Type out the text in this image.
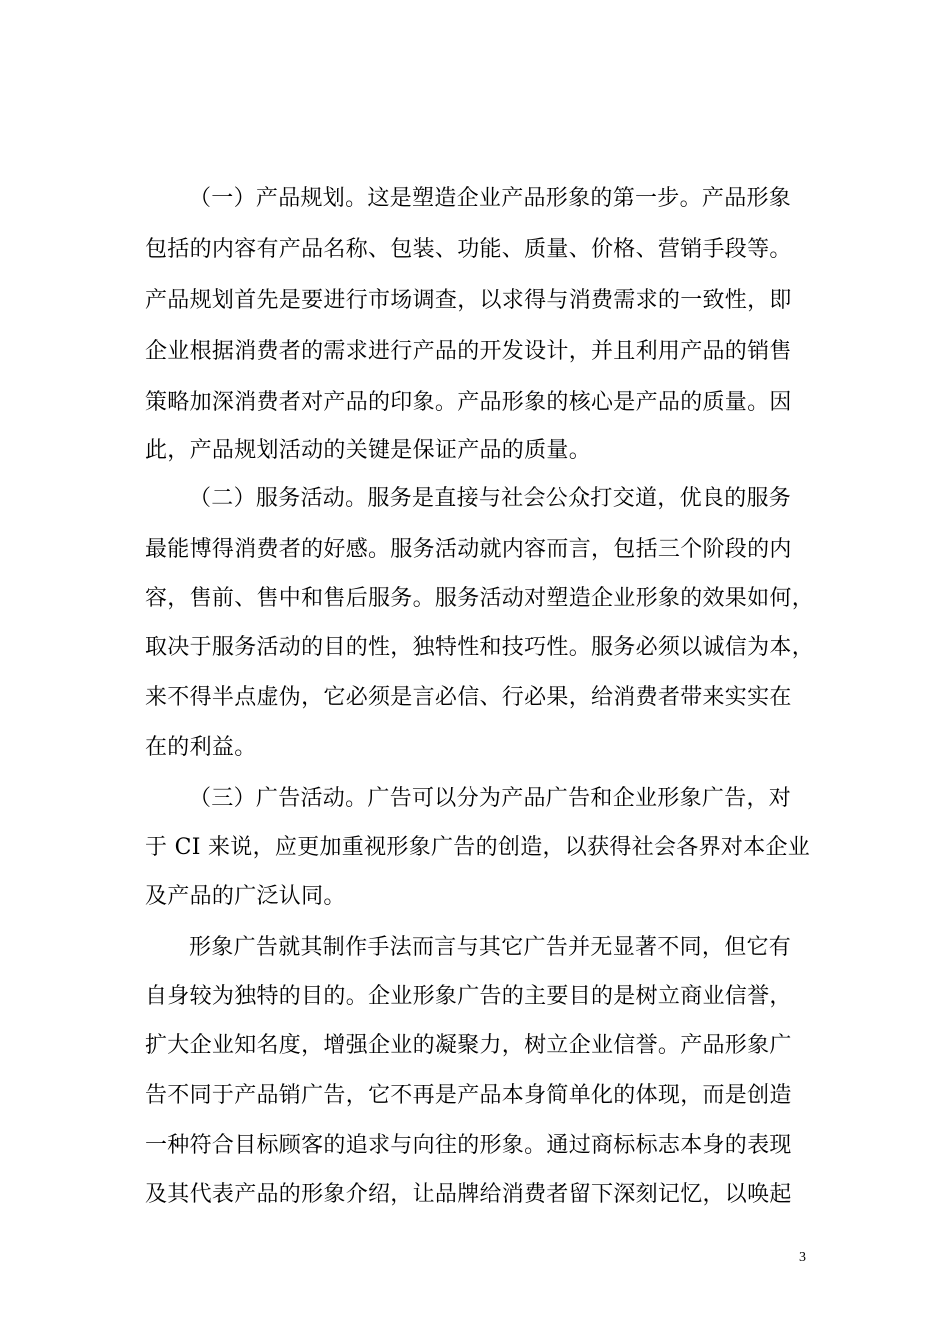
（一）产品规划。这是塑造企业产品形象的第一步。产品形象
包括的内容有产品名称、包装、功能、质量、价格、营销手段等。
产品规划首先是要进行市场调查，以求得与消费需求的一致性，即
企业根据消费者的需求进行产品的开发设计，并且利用产品的销售
策略加深消费者对产品的印象。产品形象的核心是产品的质量。因
此，产品规划活动的关键是保证产品的质量。
（二）服务活动。服务是直接与社会公众打交道，优良的服务
最能博得消费者的好感。服务活动就内容而言，包括三个阶段的内
容，售前、售中和售后服务。服务活动对塑造企业形象的效果如何，
取决于服务活动的目的性，独特性和技巧性。服务必须以诚信为本，
来不得半点虚伪，它必须是言必信、行必果，给消费者带来实实在
在的利益。
（三）广告活动。广告可以分为产品广告和企业形象广告，对
于 CI 来说，应更加重视形象广告的创造，以获得社会各界对本企业
及产品的广泛认同。
形象广告就其制作手法而言与其它广告并无显著不同，但它有
自身较为独特的目的。企业形象广告的主要目的是树立商业信誉，
扩大企业知名度，增强企业的凝聚力，树立企业信誉。产品形象广
告不同于产品销广告，它不再是产品本身简单化的体现，而是创造
一种符合目标顾客的追求与向往的形象。通过商标标志本身的表现
及其代表产品的形象介绍，让品牌给消费者留下深刻记忆，以唤起
3
